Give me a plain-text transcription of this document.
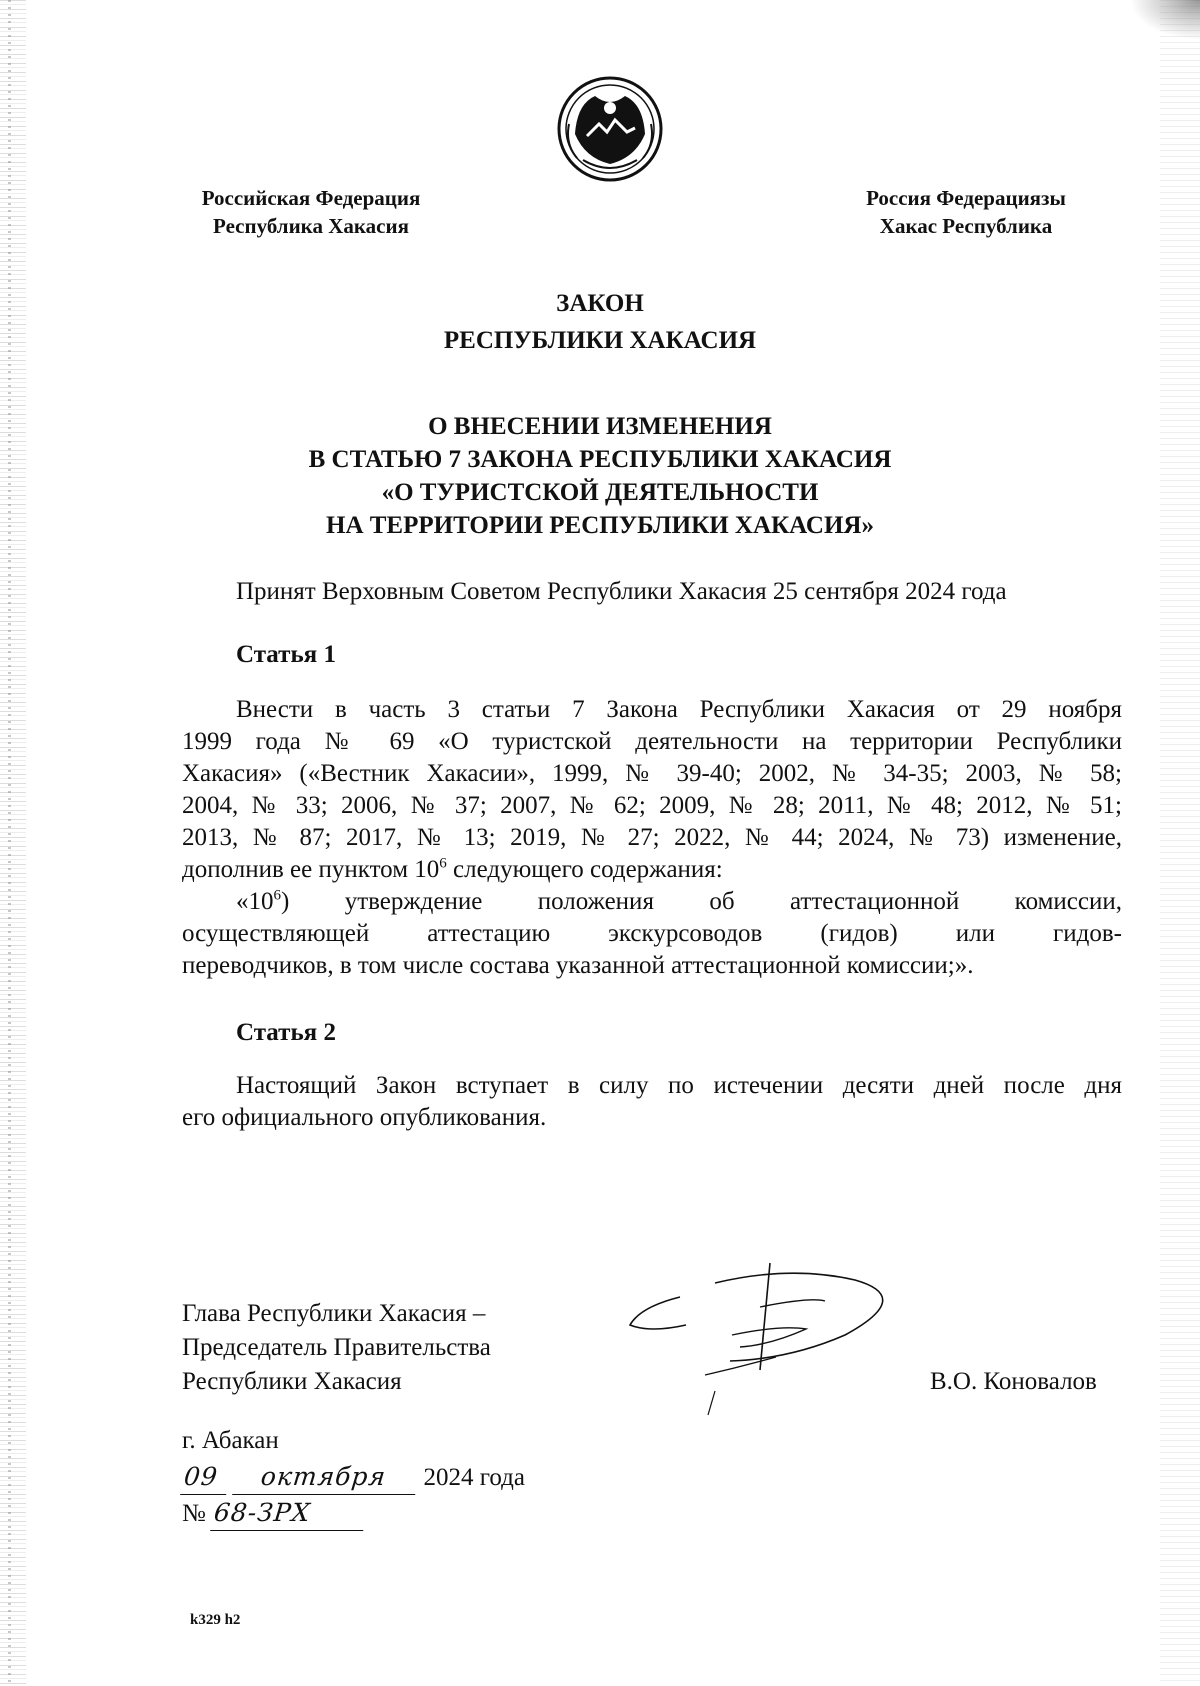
Российская Федерация
Республика Хакасия
Россия Федерациязы
Хакас Республика
ЗАКОН
РЕСПУБЛИКИ ХАКАСИЯ
О ВНЕСЕНИИ ИЗМЕНЕНИЯ
В СТАТЬЮ 7 ЗАКОНА РЕСПУБЛИКИ ХАКАСИЯ
«О ТУРИСТСКОЙ ДЕЯТЕЛЬНОСТИ
НА ТЕРРИТОРИИ РЕСПУБЛИКИ ХАКАСИЯ»
Принят Верховным Советом Республики Хакасия 25 сентября 2024 года
Статья 1
Внести в часть 3 статьи 7 Закона Республики Хакасия от 29 ноября
1999 года № 69 «О туристской деятельности на территории Республики
Хакасия» («Вестник Хакасии», 1999, № 39-40; 2002, № 34-35; 2003, № 58;
2004, № 33; 2006, № 37; 2007, № 62; 2009, № 28; 2011, № 48; 2012, № 51;
2013, № 87; 2017, № 13; 2019, № 27; 2022, № 44; 2024, № 73) изменение,
дополнив ее пунктом $10^6$ следующего содержания:
«$10^6$ ) утверждение положения об аттестационной комиссии,
осуществляющей аттестацию экскурсоводов (гидов) или гидов-
переводчиков, в том числе состава указанной аттестационной комиссии;».
Статья 2
Настоящий Закон вступает в силу по истечении десяти дней после дня
его официального опубликования.
Глава Республики Хакасия –
Председатель Правительства
Республики Хакасия	В.О. Коновалов
г. Абакан
09 октября 2024 года
№ 68-ЗРХ
k329 h2
